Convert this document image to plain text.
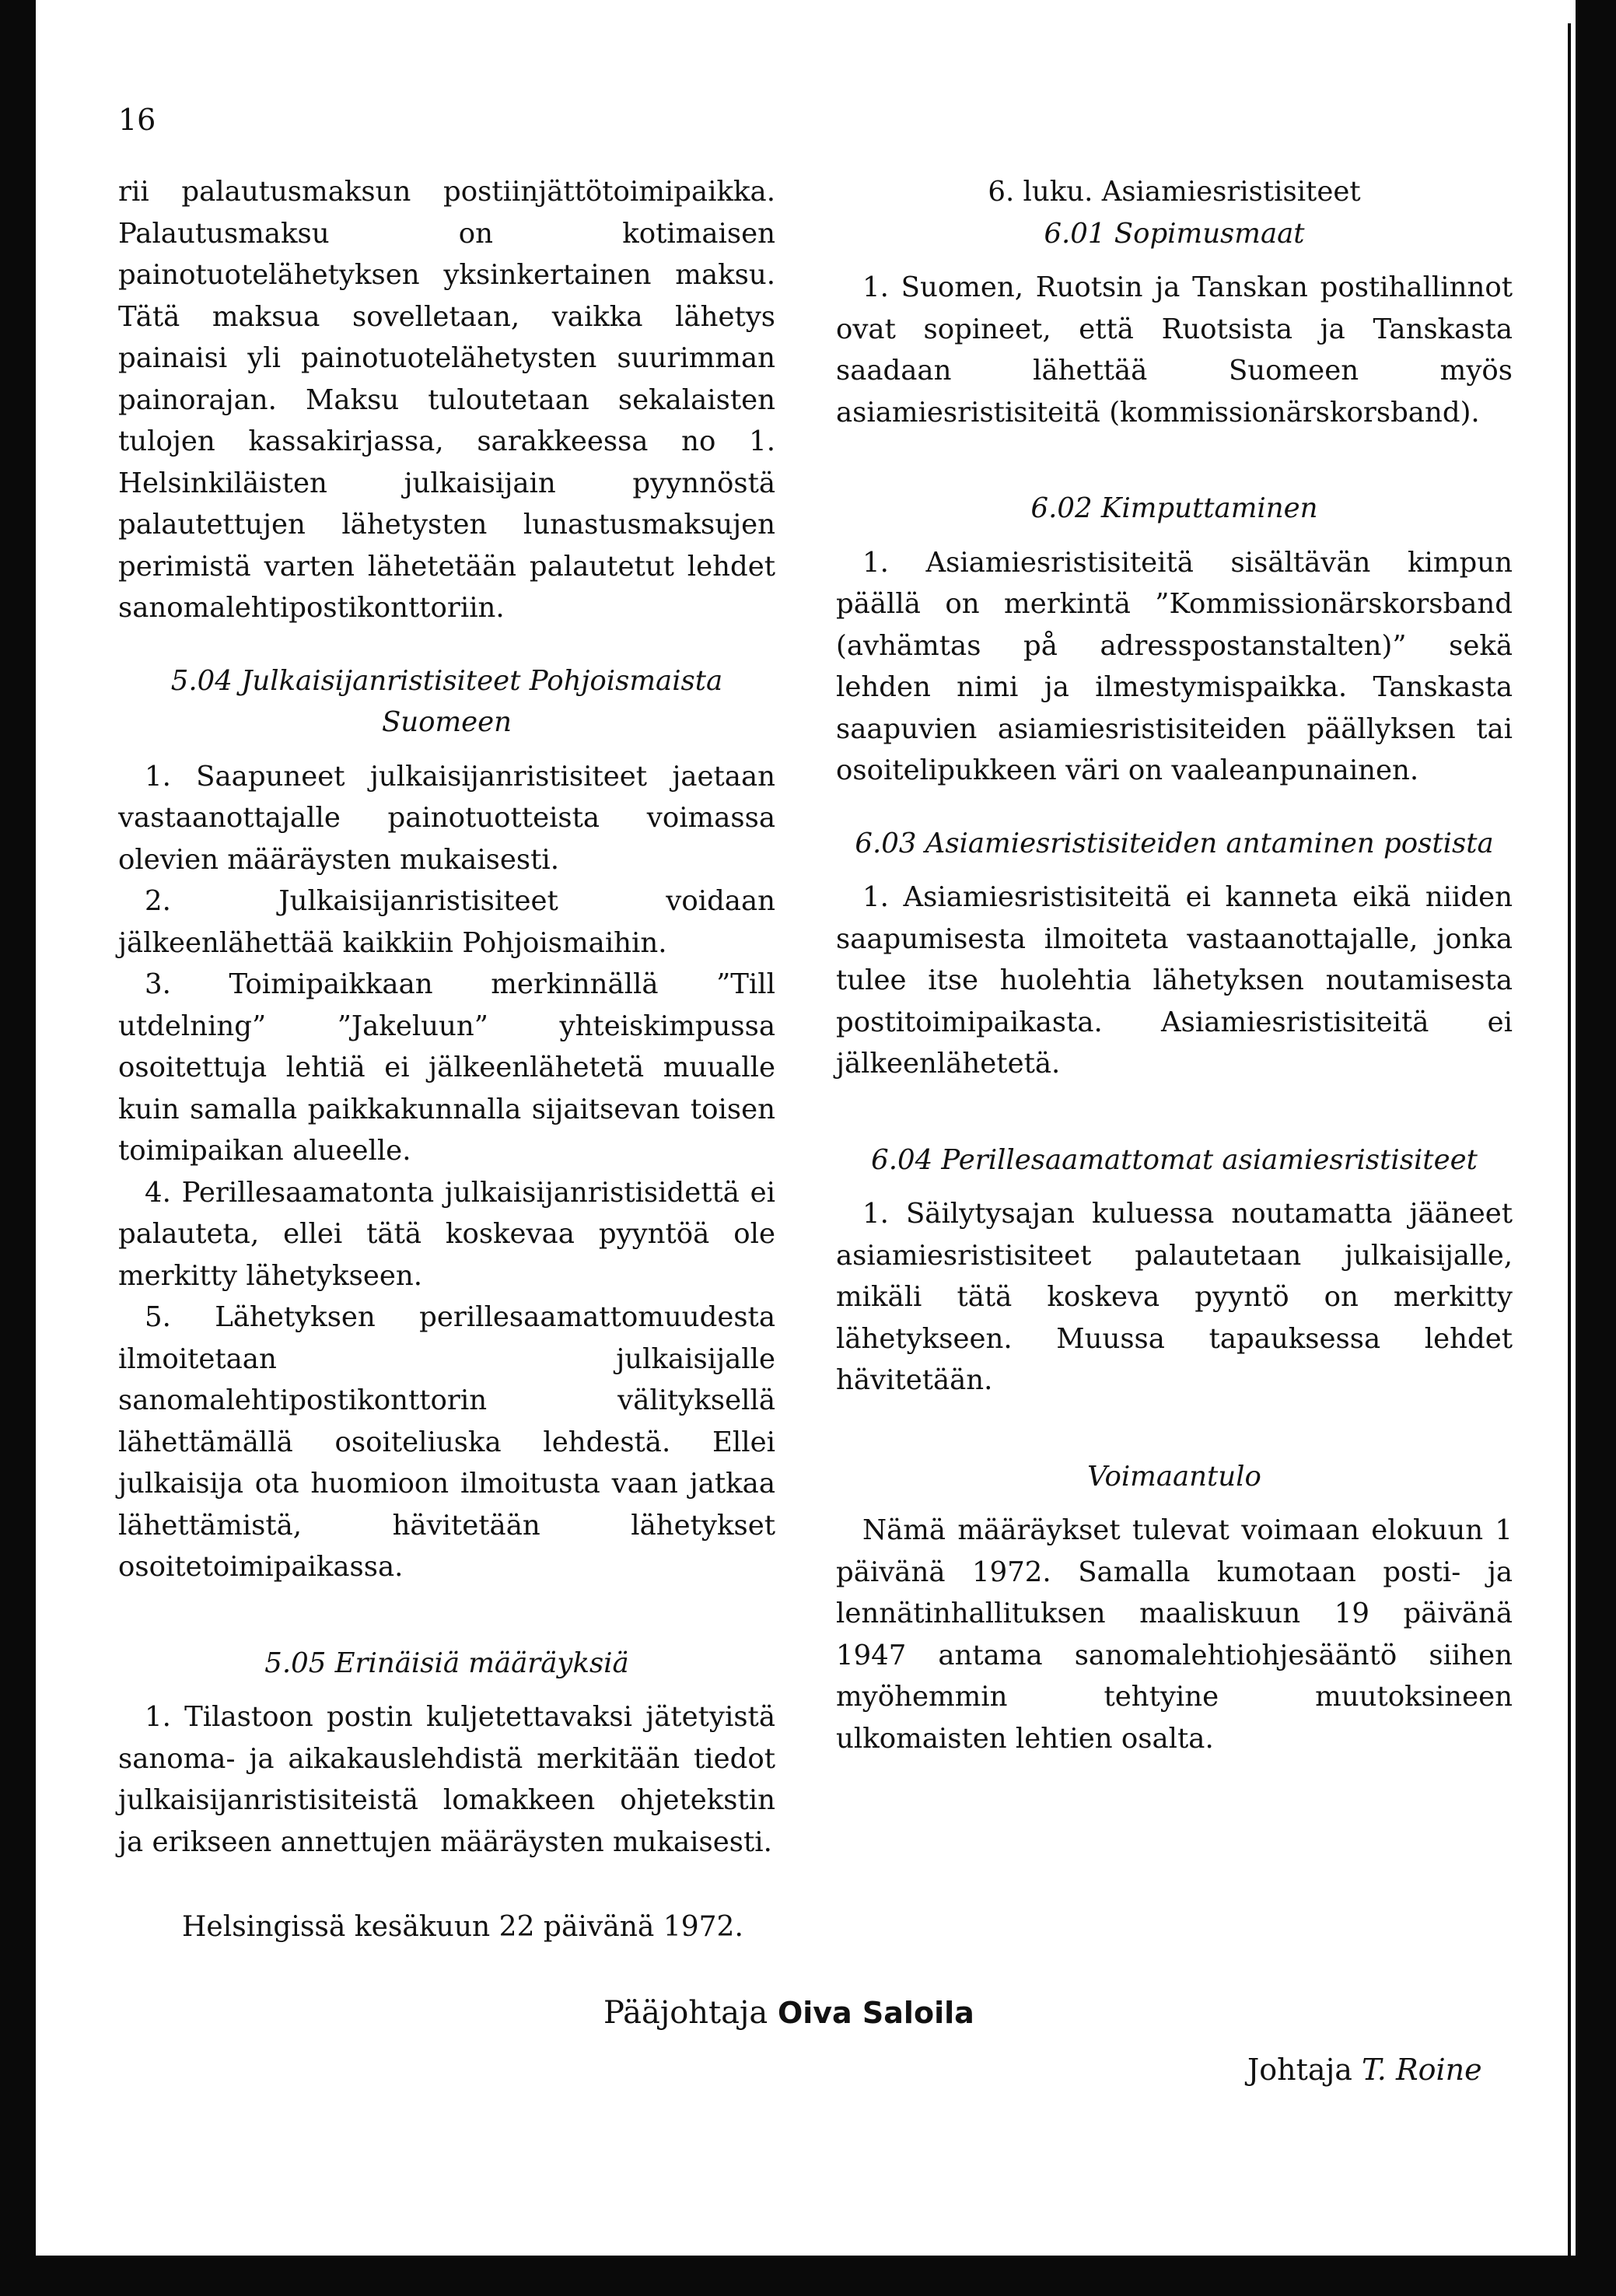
16

rii palautusmaksun postiinjättötoimipaikka. Palautusmaksu on kotimaisen painotuotelähetyksen yksinkertainen maksu. Tätä maksua sovelletaan, vaikka lähetys painaisi yli painotuotelähetysten suurimman painorajan. Maksu tuloutetaan sekalaisten tulojen kassakirjassa, sarakkeessa no 1. Helsinkiläisten julkaisijain pyynnöstä palautettujen lähetysten lunastusmaksujen perimistä varten lähetetään palautetut lehdet sanomalehtipostikonttoriin.

5.04 Julkaisijanristisiteet Pohjoismaista
Suomeen

1. Saapuneet julkaisijanristisiteet jaetaan vastaanottajalle painotuotteista voimassa olevien määräysten mukaisesti.

2. Julkaisijanristisiteet voidaan jälkeenlähettää kaikkiin Pohjoismaihin.

3. Toimipaikkaan merkinnällä ”Till utdelning” ”Jakeluun” yhteiskimpussa osoitettuja lehtiä ei jälkeenlähetetä muualle kuin samalla paikkakunnalla sijaitsevan toisen toimipaikan alueelle.

4. Perillesaamatonta julkaisijanristisidettä ei palauteta, ellei tätä koskevaa pyyntöä ole merkitty lähetykseen.

5. Lähetyksen perillesaamattomuudesta ilmoitetaan julkaisijalle sanomalehtipostikonttorin välityksellä lähettämällä osoiteliuska lehdestä. Ellei julkaisija ota huomioon ilmoitusta vaan jatkaa lähettämistä, hävitetään lähetykset osoitetoimipaikassa.

5.05 Erinäisiä määräyksiä

1. Tilastoon postin kuljetettavaksi jätetyistä sanoma- ja aikakauslehdistä merkitään tiedot julkaisijanristisiteistä lomakkeen ohjetekstin ja erikseen annettujen määräysten mukaisesti.

6. luku. Asiamiesristisiteet

6.01 Sopimusmaat

1. Suomen, Ruotsin ja Tanskan postihallinnot ovat sopineet, että Ruotsista ja Tanskasta saadaan lähettää Suomeen myös asiamiesristisiteitä (kommissionärskorsband).

6.02 Kimputtaminen

1. Asiamiesristisiteitä sisältävän kimpun päällä on merkintä ”Kommissionärskorsband (avhämtas på adresspostanstalten)” sekä lehden nimi ja ilmestymispaikka. Tanskasta saapuvien asiamiesristisiteiden päällyksen tai osoitelipukkeen väri on vaaleanpunainen.

6.03 Asiamiesristisiteiden antaminen postista

1. Asiamiesristisiteitä ei kanneta eikä niiden saapumisesta ilmoiteta vastaanottajalle, jonka tulee itse huolehtia lähetyksen noutamisesta postitoimipaikasta. Asiamiesristisiteitä ei jälkeenlähetetä.

6.04 Perillesaamattomat asiamiesristisiteet

1. Säilytysajan kuluessa noutamatta jääneet asiamiesristisiteet palautetaan julkaisijalle, mikäli tätä koskeva pyyntö on merkitty lähetykseen. Muussa tapauksessa lehdet hävitetään.

Voimaantulo

Nämä määräykset tulevat voimaan elokuun 1 päivänä 1972. Samalla kumotaan posti- ja lennätinhallituksen maaliskuun 19 päivänä 1947 antama sanomalehtiohjesääntö siihen myöhemmin tehtyine muutoksineen ulkomaisten lehtien osalta.

Helsingissä kesäkuun 22 päivänä 1972.
Pääjohtaja Oiva Saloila
Johtaja T. Roine
